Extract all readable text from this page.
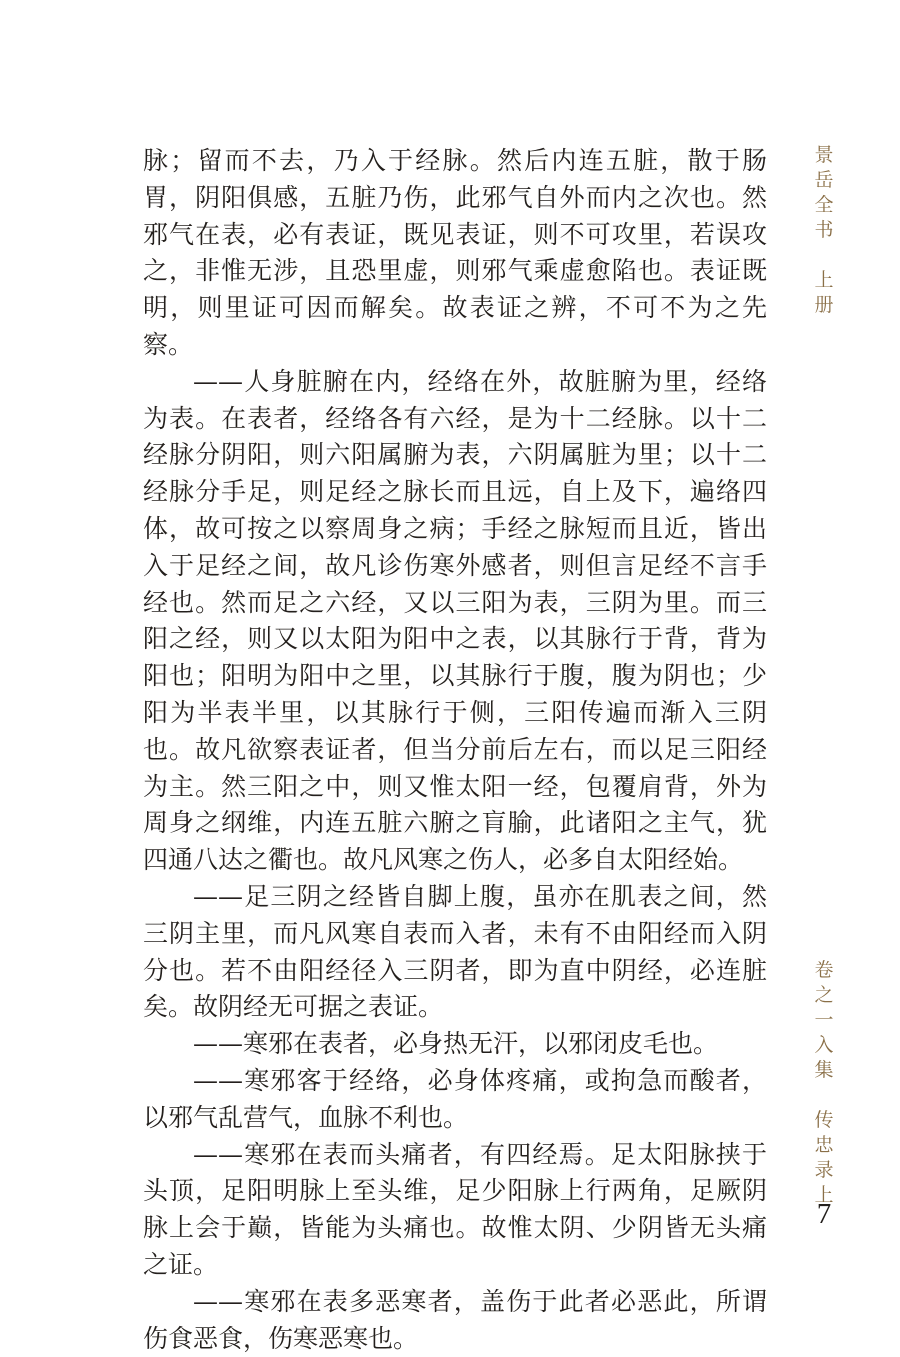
脉；留而不去，乃入于经脉。然后内连五脏，散于肠胃，阴阳俱感，五脏乃伤，此邪气自外而内之次也。然邪气在表，必有表证，既见表证，则不可攻里，若误攻之，非惟无涉，且恐里虚，则邪气乘虚愈陷也。表证既明，则里证可因而解矣。故表证之辨，不可不为之先察。

——人身脏腑在内，经络在外，故脏腑为里，经络为表。在表者，经络各有六经，是为十二经脉。以十二经脉分阴阳，则六阳属腑为表，六阴属脏为里；以十二经脉分手足，则足经之脉长而且远，自上及下，遍络四体，故可按之以察周身之病；手经之脉短而且近，皆出入于足经之间，故凡诊伤寒外感者，则但言足经不言手经也。然而足之六经，又以三阳为表，三阴为里。而三阳之经，则又以太阳为阳中之表，以其脉行于背，背为阳也；阳明为阳中之里，以其脉行于腹，腹为阴也；少阳为半表半里，以其脉行于侧，三阳传遍而渐入三阴也。故凡欲察表证者，但当分前后左右，而以足三阳经为主。然三阳之中，则又惟太阳一经，包覆肩背，外为周身之纲维，内连五脏六腑之肓腧，此诸阳之主气，犹四通八达之衢也。故凡风寒之伤人，必多自太阳经始。

——足三阴之经皆自脚上腹，虽亦在肌表之间，然三阴主里，而凡风寒自表而入者，未有不由阳经而入阴分也。若不由阳经径入三阴者，即为直中阴经，必连脏矣。故阴经无可据之表证。

——寒邪在表者，必身热无汗，以邪闭皮毛也。

——寒邪客于经络，必身体疼痛，或拘急而酸者，以邪气乱营气，血脉不利也。

——寒邪在表而头痛者，有四经焉。足太阳脉挟于头顶，足阳明脉上至头维，足少阳脉上行两角，足厥阴脉上会于巅，皆能为头痛也。故惟太阴、少阴皆无头痛之证。

——寒邪在表多恶寒者，盖伤于此者必恶此，所谓伤食恶食，伤寒恶寒也。

景
岳
全
书
上
册
卷
之
一
入
集
传
忠
录
上
7
